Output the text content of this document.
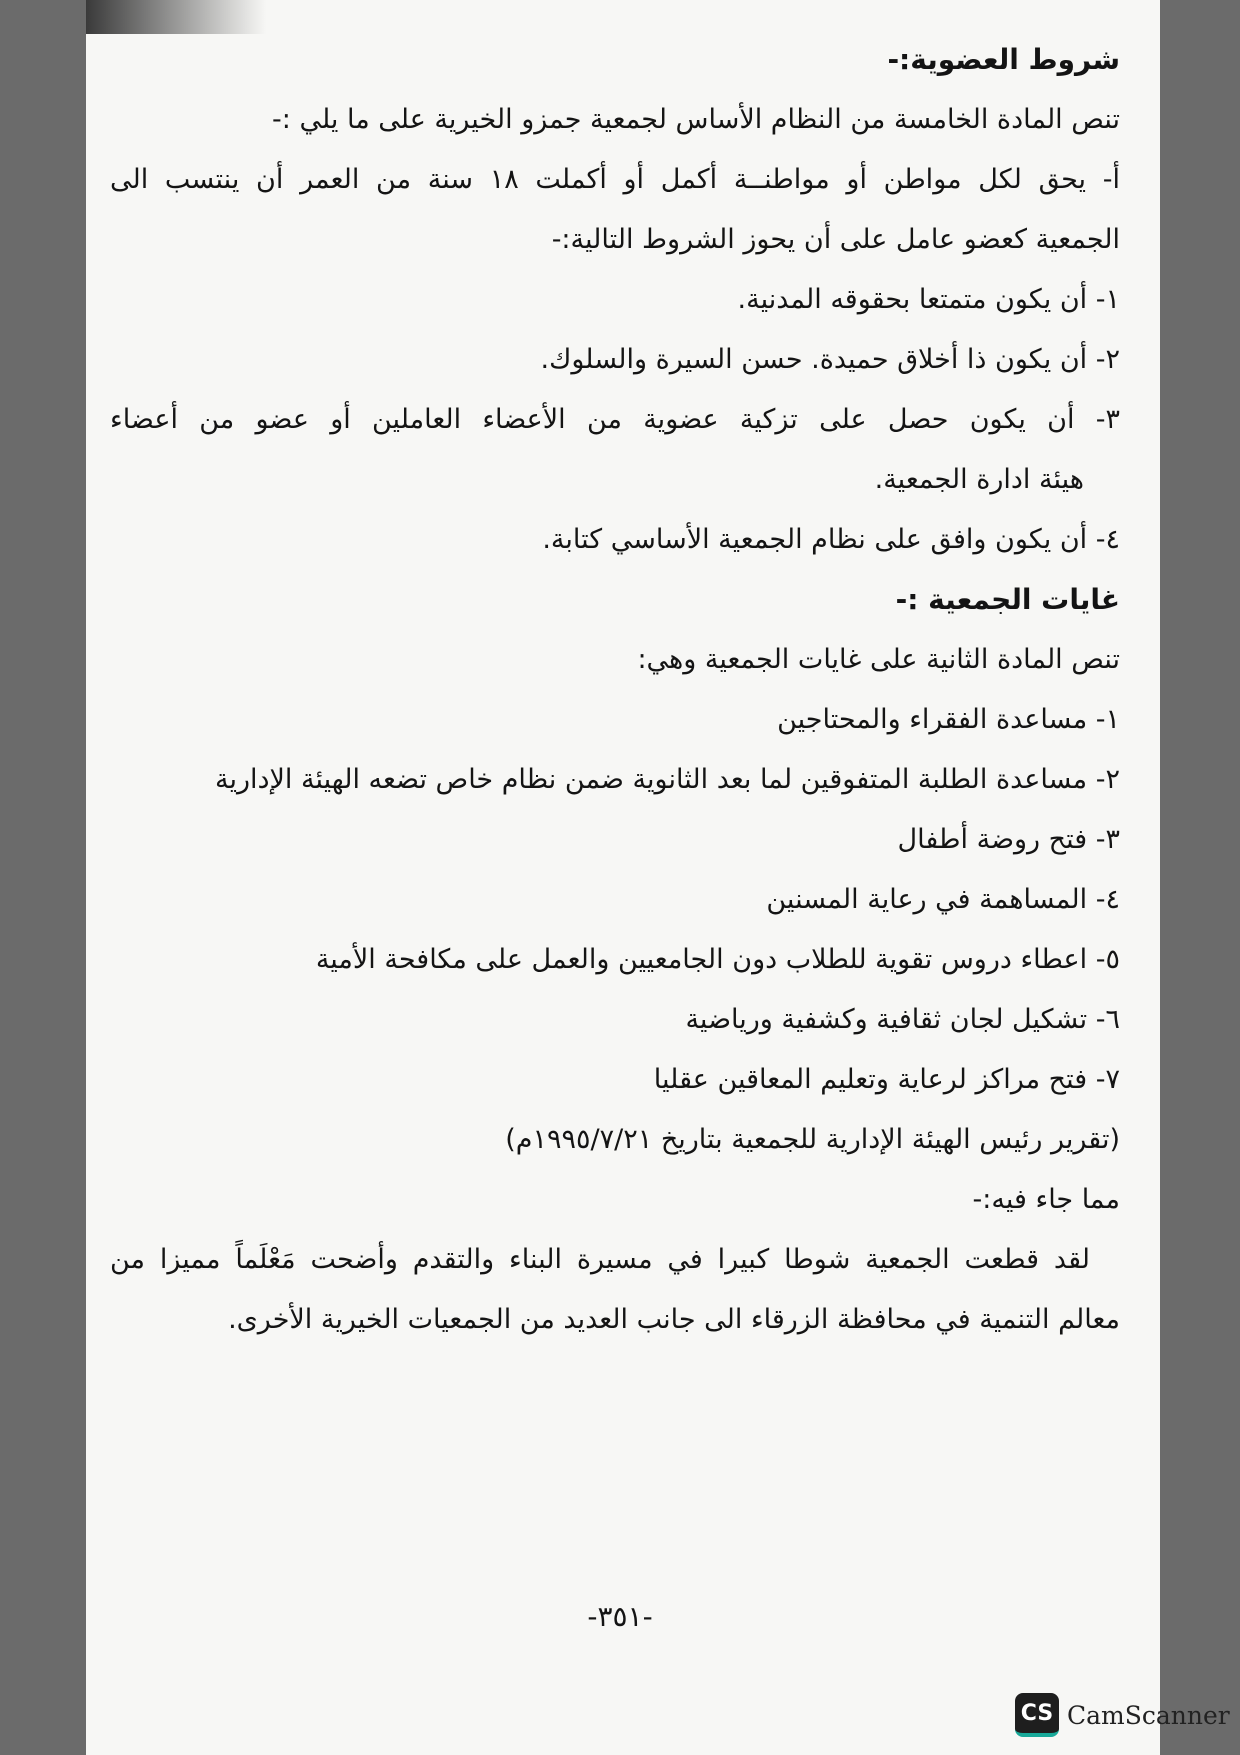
شروط العضوية:-
تنص المادة الخامسة من النظام الأساس لجمعية جمزو الخيرية على ما يلي :-
أ- يحق لكل مواطن أو مواطنــة أكمل أو أكملت ١٨ سنة من العمر أن ينتسب الى
الجمعية كعضو عامل على أن يحوز الشروط التالية:-
١- أن يكون متمتعا بحقوقه المدنية.
٢- أن يكون ذا أخلاق حميدة. حسن السيرة والسلوك.
٣- أن يكون حصل على تزكية عضوية من الأعضاء العاملين أو عضو من أعضاء
هيئة ادارة الجمعية.
٤- أن يكون وافق على نظام الجمعية الأساسي كتابة.
غايات الجمعية :-
تنص المادة الثانية على غايات الجمعية وهي:
١- مساعدة الفقراء والمحتاجين
٢- مساعدة الطلبة المتفوقين لما بعد الثانوية ضمن نظام خاص تضعه الهيئة الإدارية
٣- فتح روضة أطفال
٤- المساهمة في رعاية المسنين
٥- اعطاء دروس تقوية للطلاب دون الجامعيين والعمل على مكافحة الأمية
٦- تشكيل لجان ثقافية وكشفية ورياضية
٧- فتح مراكز لرعاية وتعليم المعاقين عقليا
(تقرير رئيس الهيئة الإدارية للجمعية بتاريخ ١٩٩٥/٧/٢١م)
مما جاء فيه:-
لقد قطعت الجمعية شوطا كبيرا في مسيرة البناء والتقدم وأضحت مَعْلَماً مميزا من
معالم التنمية في محافظة الزرقاء الى جانب العديد من الجمعيات الخيرية الأخرى.
-٣٥١-
CS CamScanner
